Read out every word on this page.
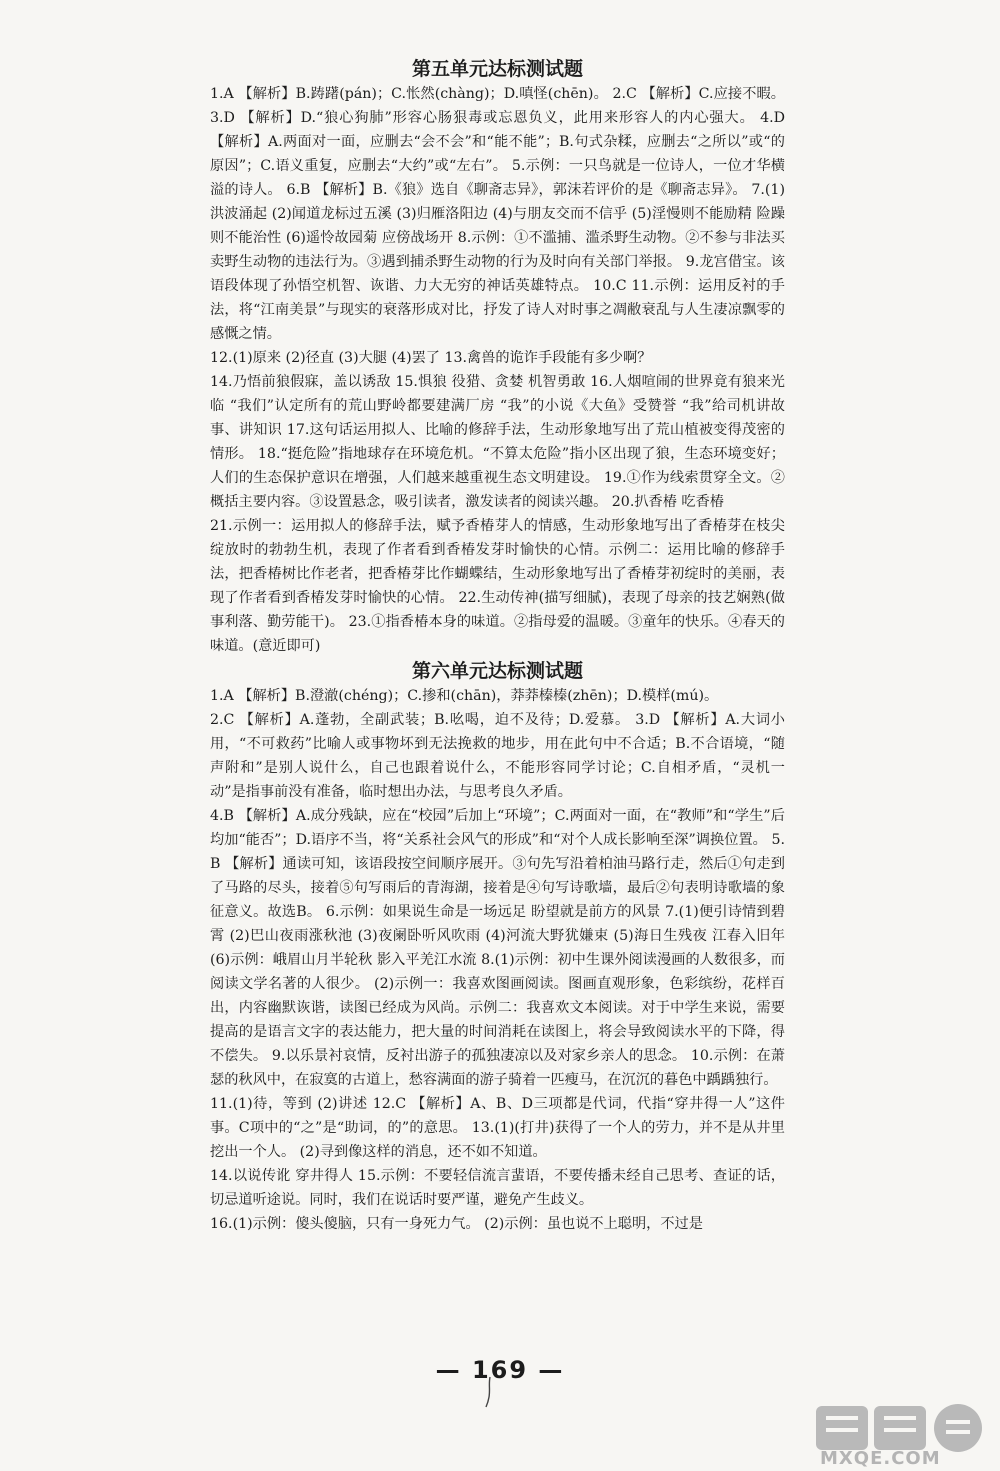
第五单元达标测试题

1.A 【解析】B.踌躇(pán)；C.怅然(chàng)；D.嗔怪(chēn)。 2.C 【解析】C.应接不暇。 3.D 【解析】D.“狼心狗肺”形容心肠狠毒或忘恩负义，此用来形容人的内心强大。 4.D 【解析】A.两面对一面，应删去“会不会”和“能不能”；B.句式杂糅，应删去“之所以”或“的原因”；C.语义重复，应删去“大约”或“左右”。 5.示例：一只鸟就是一位诗人，一位才华横溢的诗人。 6.B 【解析】B.《狼》选自《聊斋志异》，郭沫若评价的是《聊斋志异》。 7.(1)洪波涌起 (2)闻道龙标过五溪 (3)归雁洛阳边 (4)与朋友交而不信乎 (5)淫慢则不能励精 险躁则不能治性 (6)遥怜故园菊 应傍战场开 8.示例：①不滥捕、滥杀野生动物。②不参与非法买卖野生动物的违法行为。③遇到捕杀野生动物的行为及时向有关部门举报。 9.龙宫借宝。该语段体现了孙悟空机智、诙谐、力大无穷的神话英雄特点。 10.C 11.示例：运用反衬的手法，将“江南美景”与现实的衰落形成对比，抒发了诗人对时事之凋敝衰乱与人生凄凉飘零的感慨之情。

12.(1)原来 (2)径直 (3)大腿 (4)罢了 13.禽兽的诡诈手段能有多少啊？

14.乃悟前狼假寐，盖以诱敌 15.惧狼 役猎、贪婪 机智勇敢 16.人烟喧闹的世界竟有狼来光临 “我们”认定所有的荒山野岭都要建满厂房 “我”的小说《大鱼》受赞誉 “我”给司机讲故事、讲知识 17.这句话运用拟人、比喻的修辞手法，生动形象地写出了荒山植被变得茂密的情形。 18.“挺危险”指地球存在环境危机。“不算太危险”指小区出现了狼，生态环境变好；人们的生态保护意识在增强，人们越来越重视生态文明建设。 19.①作为线索贯穿全文。②概括主要内容。③设置悬念，吸引读者，激发读者的阅读兴趣。 20.扒香椿 吃香椿

21.示例一：运用拟人的修辞手法，赋予香椿芽人的情感，生动形象地写出了香椿芽在枝尖绽放时的勃勃生机，表现了作者看到香椿发芽时愉快的心情。示例二：运用比喻的修辞手法，把香椿树比作老者，把香椿芽比作蝴蝶结，生动形象地写出了香椿芽初绽时的美丽，表现了作者看到香椿发芽时愉快的心情。 22.生动传神(描写细腻)，表现了母亲的技艺娴熟(做事利落、勤劳能干)。 23.①指香椿本身的味道。②指母爱的温暖。③童年的快乐。④春天的味道。(意近即可)

第六单元达标测试题

1.A 【解析】B.澄澈(chéng)；C.掺和(chān)，莽莽榛榛(zhēn)；D.模样(mú)。

2.C 【解析】A.蓬勃，全副武装；B.吆喝，迫不及待；D.爱慕。 3.D 【解析】A.大词小用，“不可救药”比喻人或事物坏到无法挽救的地步，用在此句中不合适；B.不合语境，“随声附和”是别人说什么，自己也跟着说什么，不能形容同学讨论；C.自相矛盾，“灵机一动”是指事前没有准备，临时想出办法，与思考良久矛盾。

4.B 【解析】A.成分残缺，应在“校园”后加上“环境”；C.两面对一面，在“教师”和“学生”后均加“能否”；D.语序不当，将“关系社会风气的形成”和“对个人成长影响至深”调换位置。 5.B 【解析】通读可知，该语段按空间顺序展开。③句先写沿着柏油马路行走，然后①句走到了马路的尽头，接着⑤句写雨后的青海湖，接着是④句写诗歌墙，最后②句表明诗歌墙的象征意义。故选B。 6.示例：如果说生命是一场远足 盼望就是前方的风景 7.(1)便引诗情到碧霄 (2)巴山夜雨涨秋池 (3)夜阑卧听风吹雨 (4)河流大野犹嫌束 (5)海日生残夜 江春入旧年 (6)示例：峨眉山月半轮秋 影入平羌江水流 8.(1)示例：初中生课外阅读漫画的人数很多，而阅读文学名著的人很少。 (2)示例一：我喜欢图画阅读。图画直观形象，色彩缤纷，花样百出，内容幽默诙谐，读图已经成为风尚。示例二：我喜欢文本阅读。对于中学生来说，需要提高的是语言文字的表达能力，把大量的时间消耗在读图上，将会导致阅读水平的下降，得不偿失。 9.以乐景衬哀情，反衬出游子的孤独凄凉以及对家乡亲人的思念。 10.示例：在萧瑟的秋风中，在寂寞的古道上，愁容满面的游子骑着一匹瘦马，在沉沉的暮色中踽踽独行。

11.(1)待，等到 (2)讲述 12.C 【解析】A、B、D三项都是代词，代指“穿井得一人”这件事。C项中的“之”是“助词，的”的意思。 13.(1)(打井)获得了一个人的劳力，并不是从井里挖出一个人。 (2)寻到像这样的消息，还不如不知道。

14.以说传讹 穿井得人 15.示例：不要轻信流言蜚语，不要传播未经自己思考、查证的话，切忌道听途说。同时，我们在说话时要严谨，避免产生歧义。

16.(1)示例：傻头傻脑，只有一身死力气。 (2)示例：虽也说不上聪明，不过是

— 169 —
MXQE.COM
